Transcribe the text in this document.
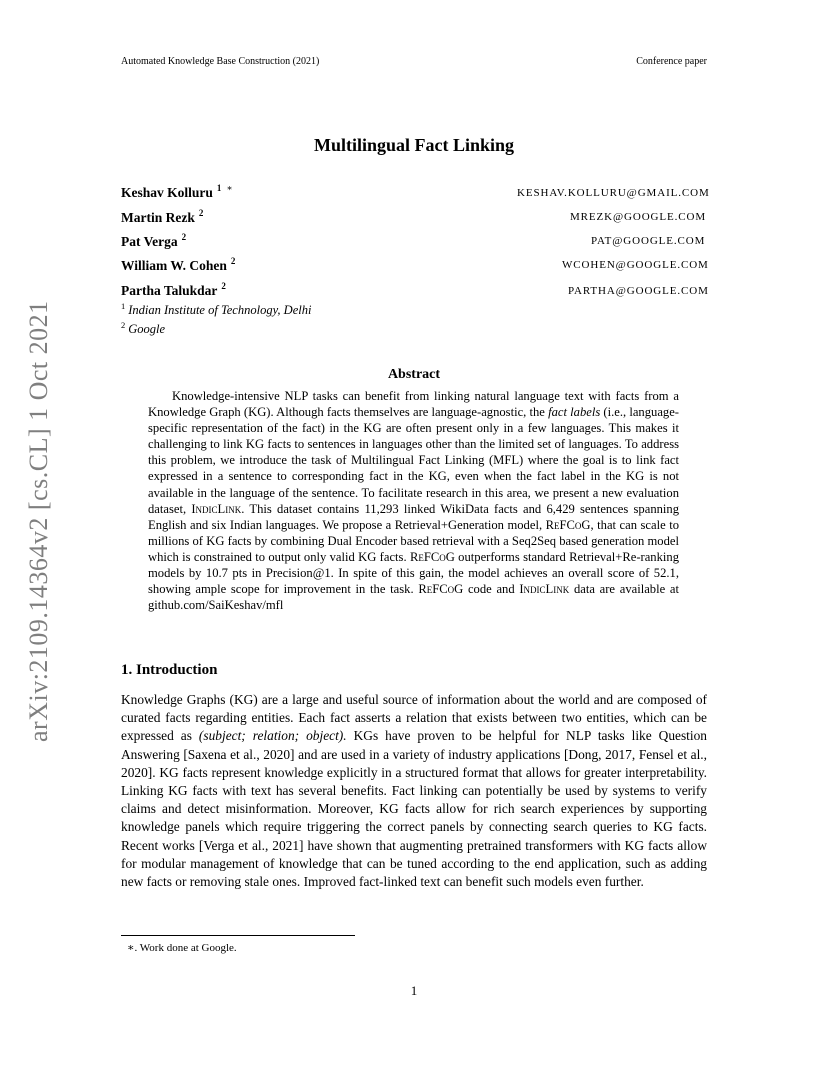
Automated Knowledge Base Construction (2021)	Conference paper
arXiv:2109.14364v2 [cs.CL] 1 Oct 2021
Multilingual Fact Linking
Keshav Kolluru $^1$ ∗	KESHAV.KOLLURU@GMAIL.COM
Martin Rezk $^2$	MREZK@GOOGLE.COM
Pat Verga $^2$	PAT@GOOGLE.COM
William W. Cohen $^2$	WCOHEN@GOOGLE.COM
Partha Talukdar $^2$	PARTHA@GOOGLE.COM
$^1$ Indian Institute of Technology, Delhi
$^2$ Google
Abstract
Knowledge-intensive NLP tasks can benefit from linking natural language text with facts from a Knowledge Graph (KG). Although facts themselves are language-agnostic, the fact labels (i.e., language-specific representation of the fact) in the KG are often present only in a few languages. This makes it challenging to link KG facts to sentences in languages other than the limited set of languages. To address this problem, we introduce the task of Multilingual Fact Linking (MFL) where the goal is to link fact expressed in a sentence to corresponding fact in the KG, even when the fact label in the KG is not available in the language of the sentence. To facilitate research in this area, we present a new evaluation dataset, IndicLink. This dataset contains 11,293 linked WikiData facts and 6,429 sentences spanning English and six Indian languages. We propose a Retrieval+Generation model, ReFCoG, that can scale to millions of KG facts by combining Dual Encoder based retrieval with a Seq2Seq based generation model which is constrained to output only valid KG facts. ReFCoG outperforms standard Retrieval+Re-ranking models by 10.7 pts in Precision@1. In spite of this gain, the model achieves an overall score of 52.1, showing ample scope for improvement in the task. ReFCoG code and IndicLink data are available at github.com/SaiKeshav/mfl
1. Introduction
Knowledge Graphs (KG) are a large and useful source of information about the world and are composed of curated facts regarding entities. Each fact asserts a relation that exists between two entities, which can be expressed as (subject; relation; object). KGs have proven to be helpful for NLP tasks like Question Answering [Saxena et al., 2020] and are used in a variety of industry applications [Dong, 2017, Fensel et al., 2020]. KG facts represent knowledge explicitly in a structured format that allows for greater interpretability. Linking KG facts with text has several benefits. Fact linking can potentially be used by systems to verify claims and detect misinformation. Moreover, KG facts allow for rich search experiences by supporting knowledge panels which require triggering the correct panels by connecting search queries to KG facts. Recent works [Verga et al., 2021] have shown that augmenting pretrained transformers with KG facts allow for modular management of knowledge that can be tuned according to the end application, such as adding new facts or removing stale ones. Improved fact-linked text can benefit such models even further.
∗. Work done at Google.
1
